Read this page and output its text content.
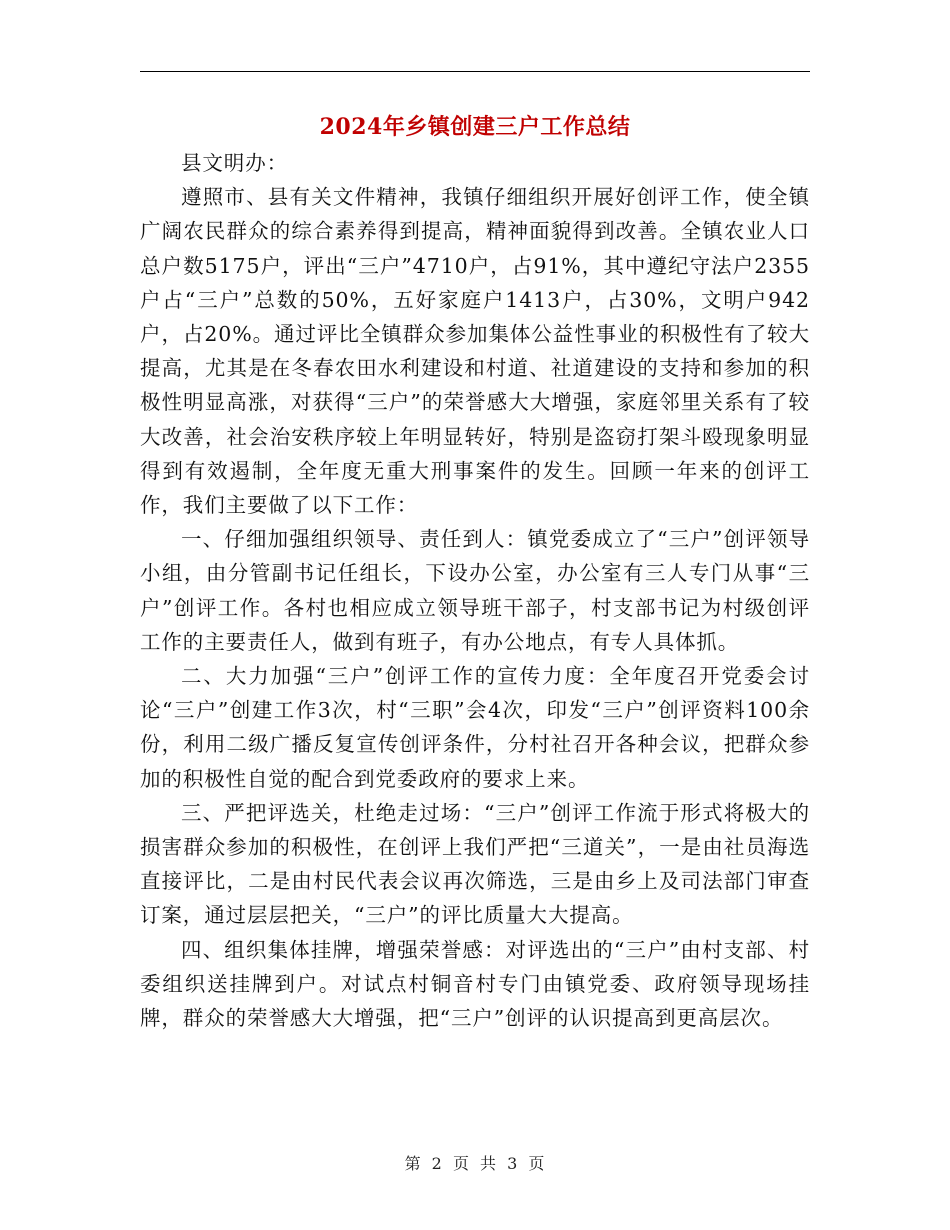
2024年乡镇创建三户工作总结

县文明办：

遵照市、县有关文件精神，我镇仔细组织开展好创评工作，使全镇广阔农民群众的综合素养得到提高，精神面貌得到改善。全镇农业人口总户数5175户，评出“三户”4710户，占91%，其中遵纪守法户2355户占“三户”总数的50%，五好家庭户1413户，占30%，文明户942户，占20%。通过评比全镇群众参加集体公益性事业的积极性有了较大提高，尤其是在冬春农田水利建设和村道、社道建设的支持和参加的积极性明显高涨，对获得“三户”的荣誉感大大增强，家庭邻里关系有了较大改善，社会治安秩序较上年明显转好，特别是盗窃打架斗殴现象明显得到有效遏制，全年度无重大刑事案件的发生。回顾一年来的创评工作，我们主要做了以下工作：

一、仔细加强组织领导、责任到人：镇党委成立了“三户”创评领导小组，由分管副书记任组长，下设办公室，办公室有三人专门从事“三户”创评工作。各村也相应成立领导班干部子，村支部书记为村级创评工作的主要责任人，做到有班子，有办公地点，有专人具体抓。

二、大力加强“三户”创评工作的宣传力度：全年度召开党委会讨论“三户”创建工作3次，村“三职”会4次，印发“三户”创评资料100余份，利用二级广播反复宣传创评条件，分村社召开各种会议，把群众参加的积极性自觉的配合到党委政府的要求上来。

三、严把评选关，杜绝走过场：“三户”创评工作流于形式将极大的损害群众参加的积极性，在创评上我们严把“三道关”，一是由社员海选直接评比，二是由村民代表会议再次筛选，三是由乡上及司法部门审查订案，通过层层把关，“三户”的评比质量大大提高。

四、组织集体挂牌，增强荣誉感：对评选出的“三户”由村支部、村委组织送挂牌到户。对试点村铜音村专门由镇党委、政府领导现场挂牌，群众的荣誉感大大增强，把“三户”创评的认识提高到更高层次。

第 2 页 共 3 页
